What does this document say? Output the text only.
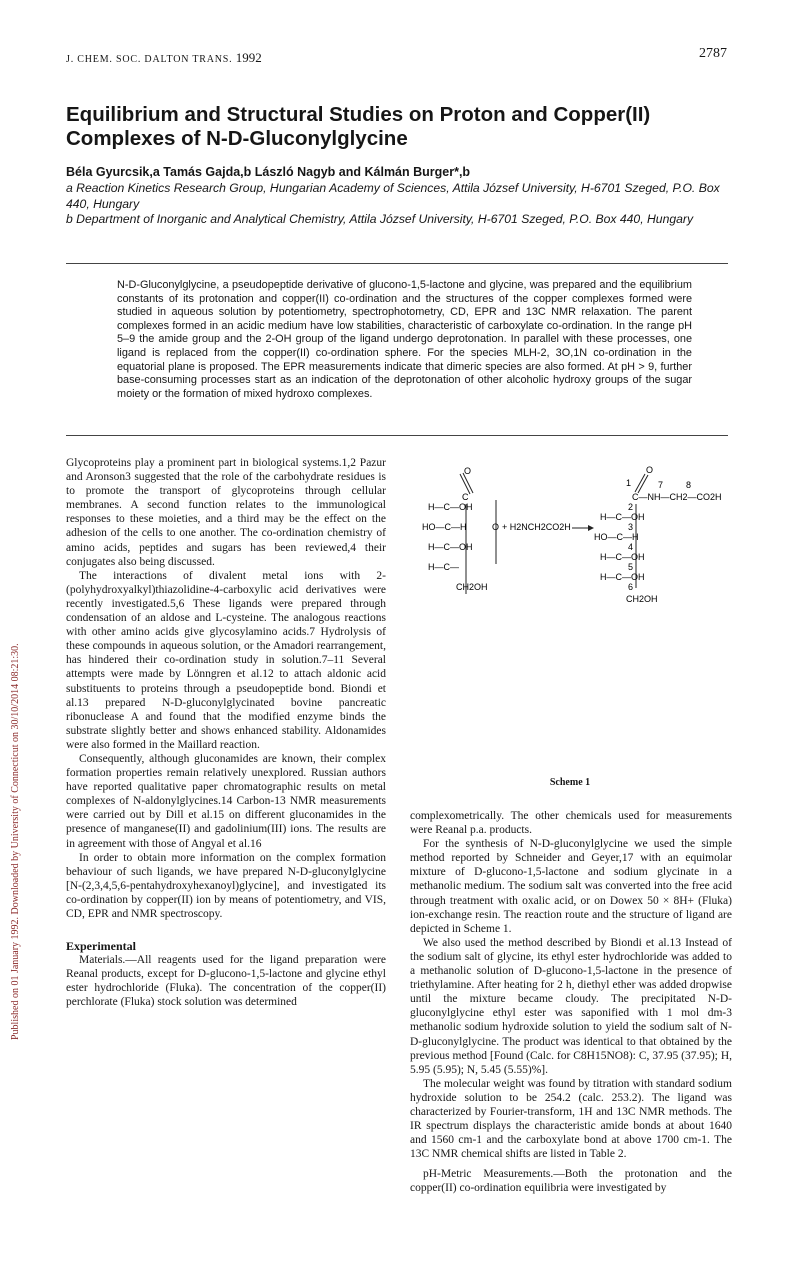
Published on 01 January 1992. Downloaded by University of Connecticut on 30/10/2014 08:21:30.
J. CHEM. SOC. DALTON TRANS. 1992	2787
Equilibrium and Structural Studies on Proton and Copper(II)
Complexes of N-D-Gluconylglycine
Béla Gyurcsik,a Tamás Gajda,b László Nagyb and Kálmán Burger*,b
a Reaction Kinetics Research Group, Hungarian Academy of Sciences, Attila József University, H-6701 Szeged, P.O. Box 440, Hungary
b Department of Inorganic and Analytical Chemistry, Attila József University, H-6701 Szeged, P.O. Box 440, Hungary
N-D-Gluconylglycine, a pseudopeptide derivative of glucono-1,5-lactone and glycine, was prepared and the equilibrium constants of its protonation and copper(II) co-ordination and the structures of the copper complexes formed were studied in aqueous solution by potentiometry, spectrophotometry, CD, EPR and 13C NMR relaxation. The parent complexes formed in an acidic medium have low stabilities, characteristic of carboxylate co-ordination. In the range pH 5–9 the amide group and the 2-OH group of the ligand undergo deprotonation. In parallel with these processes, one ligand is replaced from the copper(II) co-ordination sphere. For the species MLH-2, 3O,1N co-ordination in the equatorial plane is proposed. The EPR measurements indicate that dimeric species are also formed. At pH > 9, further base-consuming processes start as an indication of the deprotonation of other alcoholic hydroxy groups of the sugar moiety or the formation of mixed hydroxo complexes.

Glycoproteins play a prominent part in biological systems.1,2 Pazur and Aronson3 suggested that the role of the carbohydrate residues is to promote the transport of glycoproteins through cellular membranes. A second function relates to the immunological responses to these moieties, and a third may be the effect on the adhesion of the cells to one another. The co-ordination chemistry of amino acids, peptides and sugars has been reviewed,4 their conjugates also being discussed.

The interactions of divalent metal ions with 2-(polyhydroxyalkyl)thiazolidine-4-carboxylic acid derivatives were recently investigated.5,6 These ligands were prepared through condensation of an aldose and L-cysteine. The analogous reactions with other amino acids give glycosylamino acids.7 Hydrolysis of these compounds in aqueous solution, or the Amadori rearrangement, has hindered their co-ordination study in solution.7–11 Several attempts were made by Lönngren et al.12 to attach aldonic acid substituents to proteins through a pseudopeptide bond. Biondi et al.13 prepared N-D-gluconylglycinated bovine pancreatic ribonuclease A and found that the modified enzyme binds the substrate slightly better and shows enhanced stability. Aldonamides were also formed in the Maillard reaction.

Consequently, although gluconamides are known, their complex formation properties remain relatively unexplored. Russian authors have reported qualitative paper chromatographic results on metal complexes of N-aldonylglycines.14 Carbon-13 NMR measurements were carried out by Dill et al.15 on different gluconamides in the presence of manganese(II) and gadolinium(III) ions. The results are in agreement with those of Angyal et al.16

In order to obtain more information on the complex formation behaviour of such ligands, we have prepared N-D-gluconylglycine [N-(2,3,4,5,6-pentahydroxyhexanoyl)glycine], and investigated its co-ordination by copper(II) ion by means of potentiometry, and VIS, CD, EPR and NMR spectroscopy.

Experimental

Materials.—All reagents used for the ligand preparation were Reanal products, except for D-glucono-1,5-lactone and glycine ethyl ester hydrochloride (Fluka). The concentration of the copper(II) perchlorate (Fluka) stock solution was determined

O
C
H—C—OH
HO—C—H
H—C—OH
H—C—
CH2OH
O + H2NCH2CO2H
O
1
C—NH—CH2—CO2H
8
7
2
H—C—OH
3
HO—C—H
4
H—C—OH
5
H—C—OH
6
CH2OH
Scheme 1

complexometrically. The other chemicals used for measurements were Reanal p.a. products.

For the synthesis of N-D-gluconylglycine we used the simple method reported by Schneider and Geyer,17 with an equimolar mixture of D-glucono-1,5-lactone and sodium glycinate in a methanolic medium. The sodium salt was converted into the free acid through treatment with oxalic acid, or on Dowex 50 × 8H+ (Fluka) ion-exchange resin. The reaction route and the structure of ligand are depicted in Scheme 1.

We also used the method described by Biondi et al.13 Instead of the sodium salt of glycine, its ethyl ester hydrochloride was added to a methanolic solution of D-glucono-1,5-lactone in the presence of triethylamine. After heating for 2 h, diethyl ether was added dropwise until the mixture became cloudy. The precipitated N-D-gluconylglycine ethyl ester was saponified with 1 mol dm-3 methanolic sodium hydroxide solution to yield the sodium salt of N-D-gluconylglycine. The product was identical to that obtained by the previous method [Found (Calc. for C8H15NO8): C, 37.95 (37.95); H, 5.95 (5.95); N, 5.45 (5.55)%].

The molecular weight was found by titration with standard sodium hydroxide solution to be 254.2 (calc. 253.2). The ligand was characterized by Fourier-transform, 1H and 13C NMR methods. The IR spectrum displays the characteristic amide bonds at about 1640 and 1560 cm-1 and the carboxylate bond at above 1700 cm-1. The 13C NMR chemical shifts are listed in Table 2.

pH-Metric Measurements.—Both the protonation and the copper(II) co-ordination equilibria were investigated by
